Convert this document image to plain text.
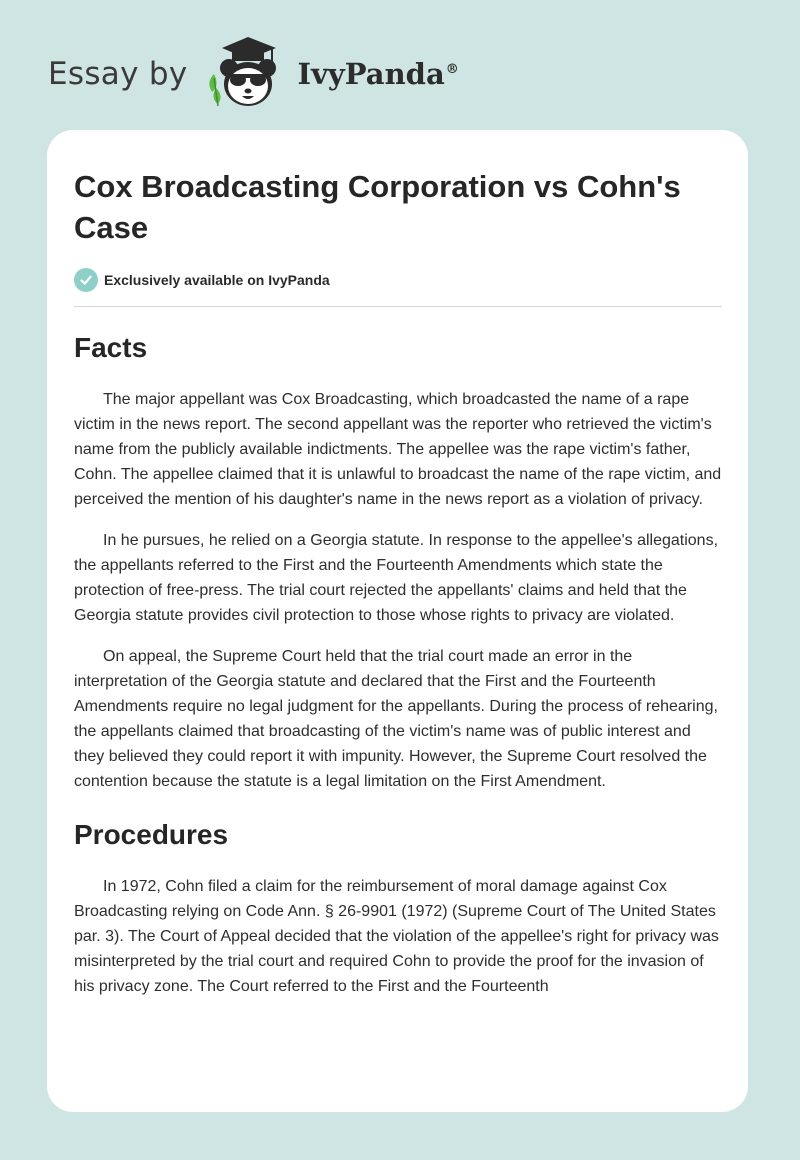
Essay by	IvyPanda®
Cox Broadcasting Corporation vs Cohn's Case
Exclusively available on IvyPanda
Facts

The major appellant was Cox Broadcasting, which broadcasted the name of a rape victim in the news report. The second appellant was the reporter who retrieved the victim's name from the publicly available indictments. The appellee was the rape victim's father, Cohn. The appellee claimed that it is unlawful to broadcast the name of the rape victim, and perceived the mention of his daughter's name in the news report as a violation of privacy.

In he pursues, he relied on a Georgia statute. In response to the appellee's allegations, the appellants referred to the First and the Fourteenth Amendments which state the protection of free-press. The trial court rejected the appellants' claims and held that the Georgia statute provides civil protection to those whose rights to privacy are violated.

On appeal, the Supreme Court held that the trial court made an error in the interpretation of the Georgia statute and declared that the First and the Fourteenth Amendments require no legal judgment for the appellants. During the process of rehearing, the appellants claimed that broadcasting of the victim's name was of public interest and they believed they could report it with impunity. However, the Supreme Court resolved the contention because the statute is a legal limitation on the First Amendment.

Procedures

In 1972, Cohn filed a claim for the reimbursement of moral damage against Cox Broadcasting relying on Code Ann. § 26-9901 (1972) (Supreme Court of The United States par. 3). The Court of Appeal decided that the violation of the appellee's right for privacy was misinterpreted by the trial court and required Cohn to provide the proof for the invasion of his privacy zone. The Court referred to the First and the Fourteenth
